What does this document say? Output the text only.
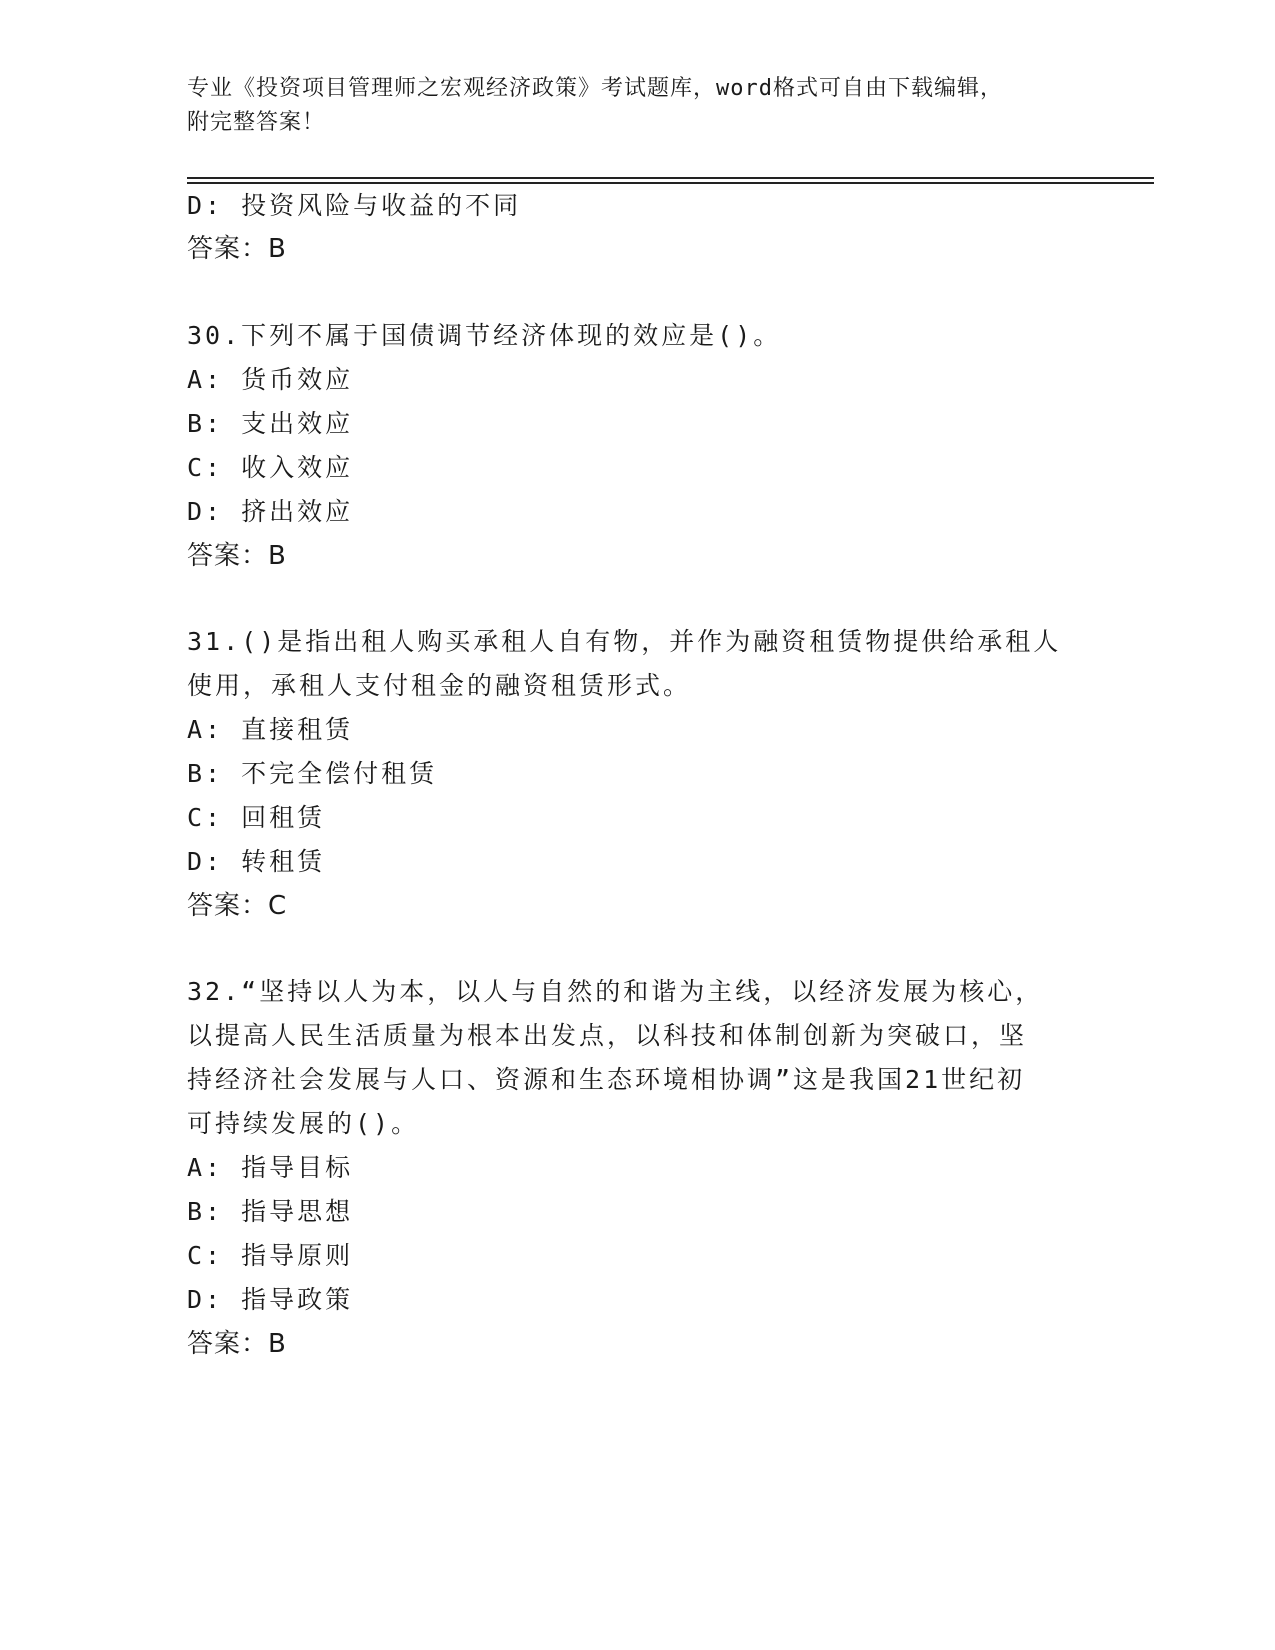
专业《投资项目管理师之宏观经济政策》考试题库，word格式可自由下载编辑，
附完整答案！
D: 投资风险与收益的不同
答案：B
30.下列不属于国债调节经济体现的效应是()。
A: 货币效应
B: 支出效应
C: 收入效应
D: 挤出效应
答案：B
31.()是指出租人购买承租人自有物，并作为融资租赁物提供给承租人
使用，承租人支付租金的融资租赁形式。
A: 直接租赁
B: 不完全偿付租赁
C: 回租赁
D: 转租赁
答案：C
32.“坚持以人为本，以人与自然的和谐为主线，以经济发展为核心，
以提高人民生活质量为根本出发点，以科技和体制创新为突破口，坚
持经济社会发展与人口、资源和生态环境相协调”这是我国21世纪初
可持续发展的()。
A: 指导目标
B: 指导思想
C: 指导原则
D: 指导政策
答案：B
